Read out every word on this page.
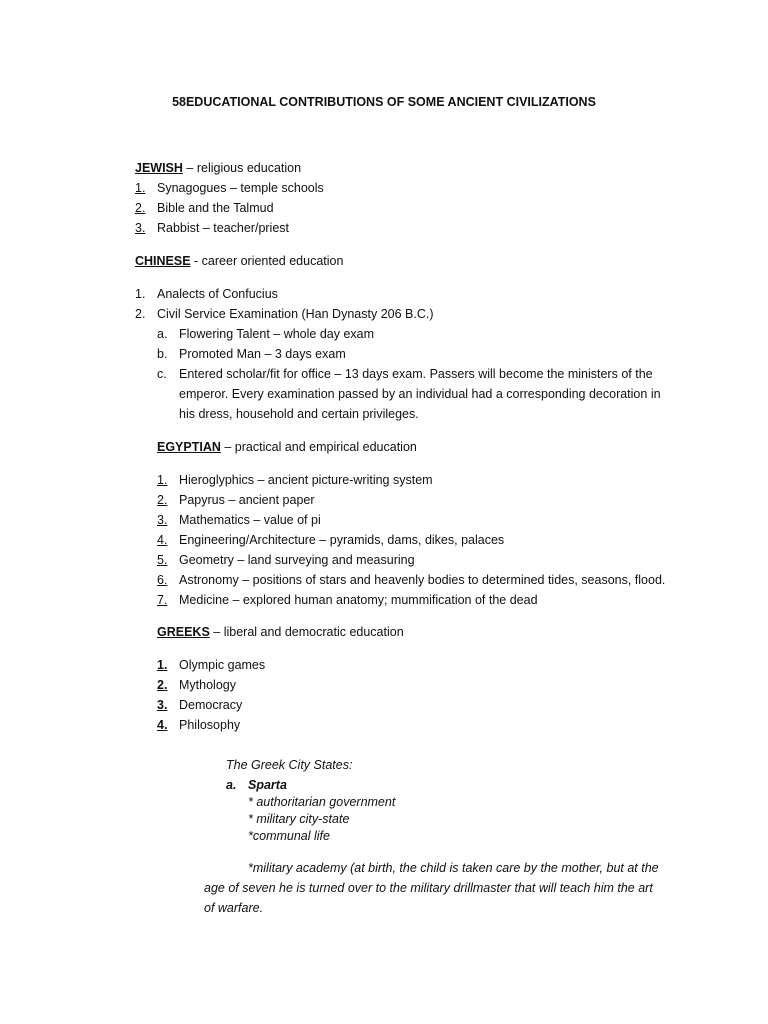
58EDUCATIONAL CONTRIBUTIONS OF SOME ANCIENT CIVILIZATIONS
JEWISH – religious education
1. Synagogues – temple schools
2. Bible and the Talmud
3. Rabbist – teacher/priest
CHINESE - career oriented education
1. Analects of Confucius
2. Civil Service Examination (Han Dynasty 206 B.C.)
a. Flowering Talent – whole day exam
b. Promoted Man – 3 days exam
c. Entered scholar/fit for office – 13 days exam. Passers will become the ministers of the
emperor. Every examination passed by an individual had a corresponding decoration in
his dress, household and certain privileges.
EGYPTIAN – practical and empirical education
1. Hieroglyphics – ancient picture-writing system
2. Papyrus – ancient paper
3. Mathematics – value of pi
4. Engineering/Architecture – pyramids, dams, dikes, palaces
5. Geometry – land surveying and measuring
6. Astronomy – positions of stars and heavenly bodies to determined tides, seasons, flood.
7. Medicine – explored human anatomy; mummification of the dead
GREEKS – liberal and democratic education
1. Olympic games
2. Mythology
3. Democracy
4. Philosophy
The Greek City States:
a. Sparta
* authoritarian government
* military city-state
*communal life
*military academy (at birth, the child is taken care by the mother, but at the
age of seven he is turned over to the military drillmaster that will teach him the art
of warfare.
